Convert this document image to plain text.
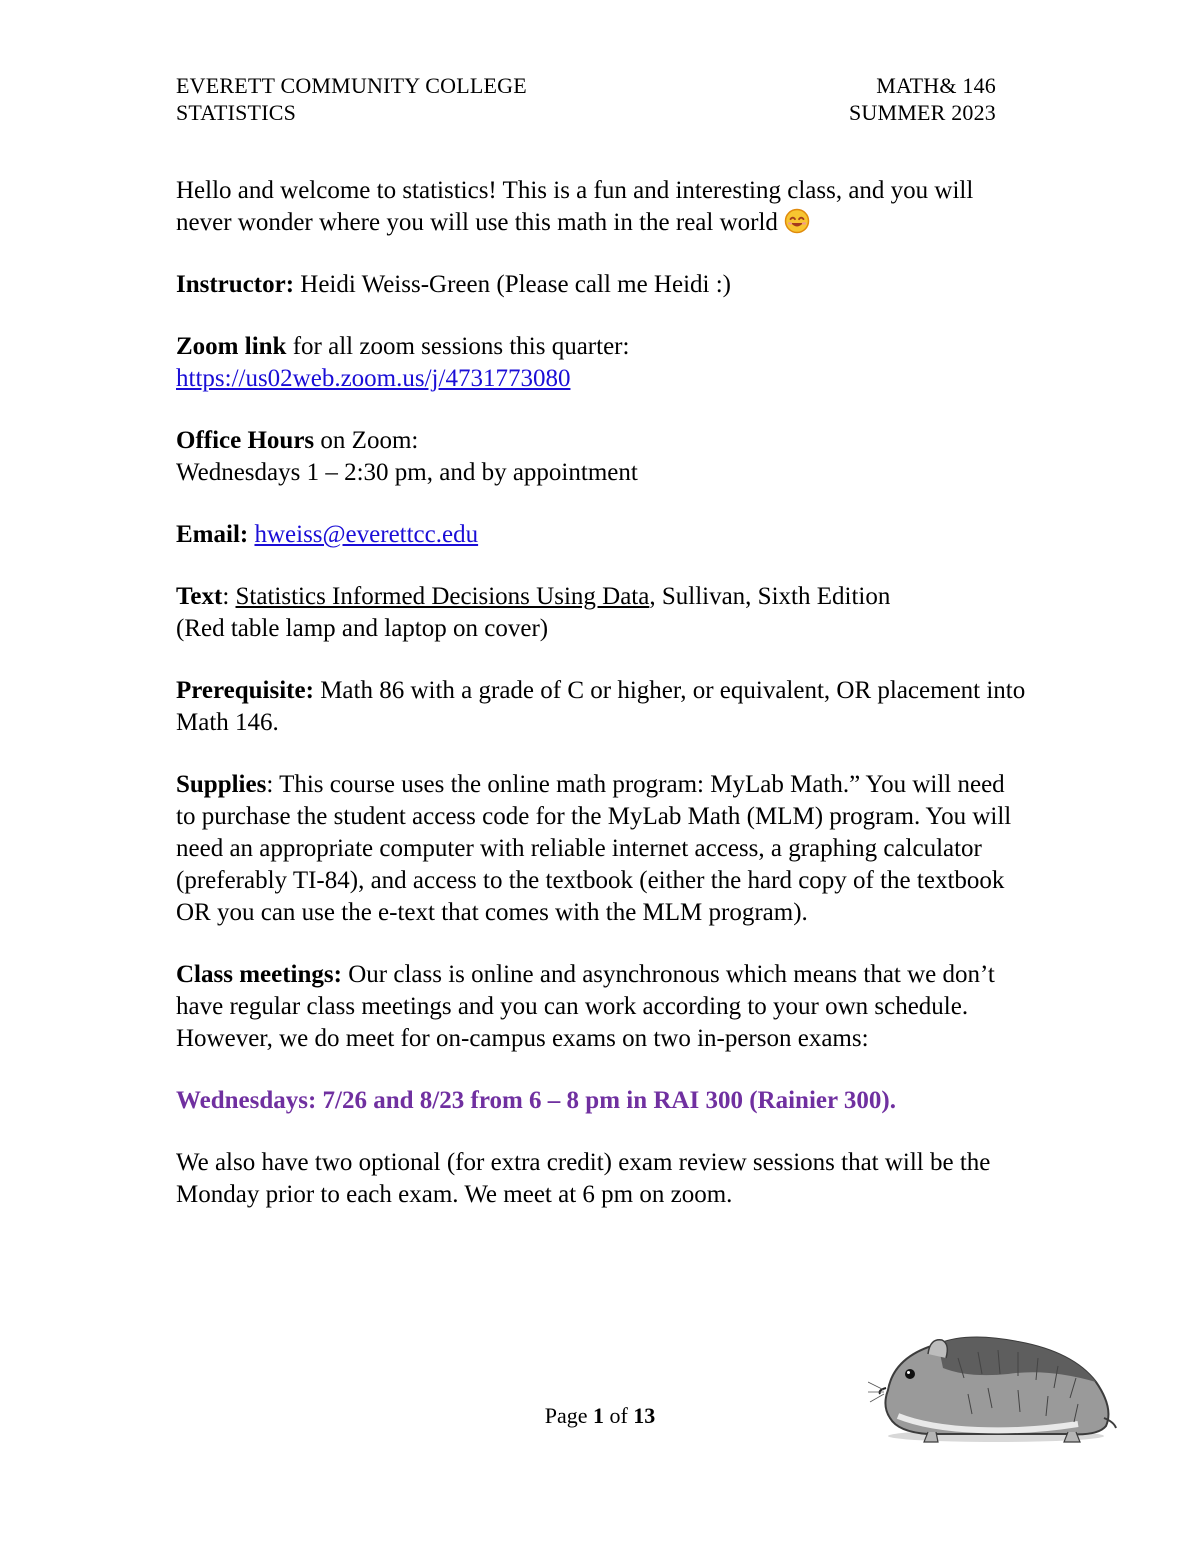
EVERETT COMMUNITY COLLEGE
STATISTICS
MATH& 146
SUMMER 2023

Hello and welcome to statistics! This is a fun and interesting class, and you will never wonder where you will use this math in the real world

Instructor: Heidi Weiss-Green (Please call me Heidi :)

Zoom link for all zoom sessions this quarter:

https://us02web.zoom.us/j/4731773080

Office Hours on Zoom:

Wednesdays 1 – 2:30 pm, and by appointment

Email: hweiss@everettcc.edu

Text: Statistics Informed Decisions Using Data, Sullivan, Sixth Edition

(Red table lamp and laptop on cover)

Prerequisite: Math 86 with a grade of C or higher, or equivalent, OR placement into Math 146.

Supplies: This course uses the online math program: MyLab Math.” You will need to purchase the student access code for the MyLab Math (MLM) program. You will need an appropriate computer with reliable internet access, a graphing calculator (preferably TI-84), and access to the textbook (either the hard copy of the textbook OR you can use the e-text that comes with the MLM program).

Class meetings: Our class is online and asynchronous which means that we don’t have regular class meetings and you can work according to your own schedule. However, we do meet for on-campus exams on two in-person exams:

Wednesdays: 7/26 and 8/23 from 6 – 8 pm in RAI 300 (Rainier 300).

We also have two optional (for extra credit) exam review sessions that will be the Monday prior to each exam. We meet at 6 pm on zoom.

Page 1 of 13
